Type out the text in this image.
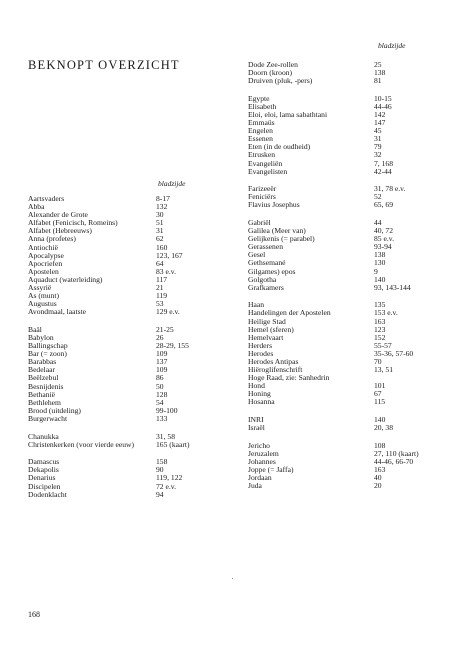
BEKNOPT OVERZICHT
bladzijde
bladzijde
Aartsvaders	8-17
Abba	132
Alexander de Grote	30
Alfabet (Fenicisch, Romeins)	51
Alfabet (Hebreeuws)	31
Anna (profetes)	62
Antiochië	160
Apocalypse	123, 167
Apocriefen	64
Apostelen	83 e.v.
Aquaduct (waterleiding)	117
Assyrië	21
As (munt)	119
Augustus	53
Avondmaal, laatste	129 e.v.
Baäl	21-25
Babylon	26
Ballingschap	28-29, 155
Bar (= zoon)	109
Barabbas	137
Bedelaar	109
Beëlzebul	86
Besnijdenis	50
Bethanië	128
Bethlehem	54
Brood (uitdeling)	99-100
Burgerwacht	133
Chanukka	31, 58
Christenkerken (voor vierde eeuw)	165 (kaart)
Damascus	158
Dekapolis	90
Denarius	119, 122
Discipelen	72 e.v.
Dodenklacht	94
Dode Zee-rollen	25
Doorn (kroon)	138
Druiven (pluk, -pers)	81
Egypte	10-15
Elisabeth	44-46
Eloi, eloi, lama sabathtani	142
Emmaüs	147
Engelen	45
Essenen	31
Eten (in de oudheid)	79
Etrusken	32
Evangeliën	7, 168
Evangelisten	42-44
Farizeeër	31, 78 e.v.
Feniciërs	52
Flavius Josephus	65, 69
Gabriël	44
Galilea (Meer van)	40, 72
Gelijkenis (= parabel)	85 e.v.
Gerassenen	93-94
Gesel	138
Gethsemané	130
Gilgames) epos	9
Golgotha	140
Grafkamers	93, 143-144
Haan	135
Handelingen der Apostelen	153 e.v.
Heilige Stad	163
Hemel (sferen)	123
Hemelvaart	152
Herders	55-57
Herodes	35-36, 57-60
Herodes Antipas	70
Hiëroglifenschrift	13, 51
Hoge Raad, zie: Sanhedrin
Hond	101
Honing	67
Hosanna	115
INRI	140
Israël	20, 38
Jericho	108
Jeruzalem	27, 110 (kaart)
Johannes	44-46, 66-70
Joppe (= Jaffa)	163
Jordaan	40
Juda	20
168
